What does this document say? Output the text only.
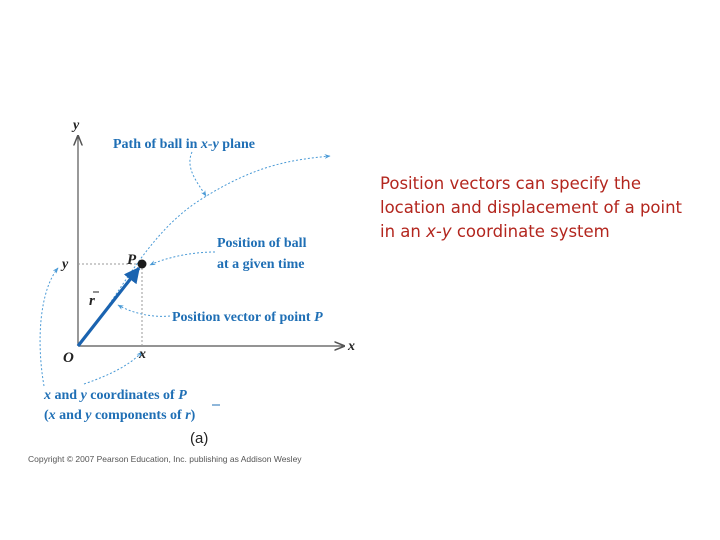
y
x
y
x
O
P
r
Path of ball in x-y plane
Position of ball
at a given time
Position vector of point P
x and y coordinates of P
(x and y components of r)
(a)
Copyright © 2007 Pearson Education, Inc. publishing as Addison Wesley

Position vectors can specify the

location and displacement of a point

in an x-y coordinate system
